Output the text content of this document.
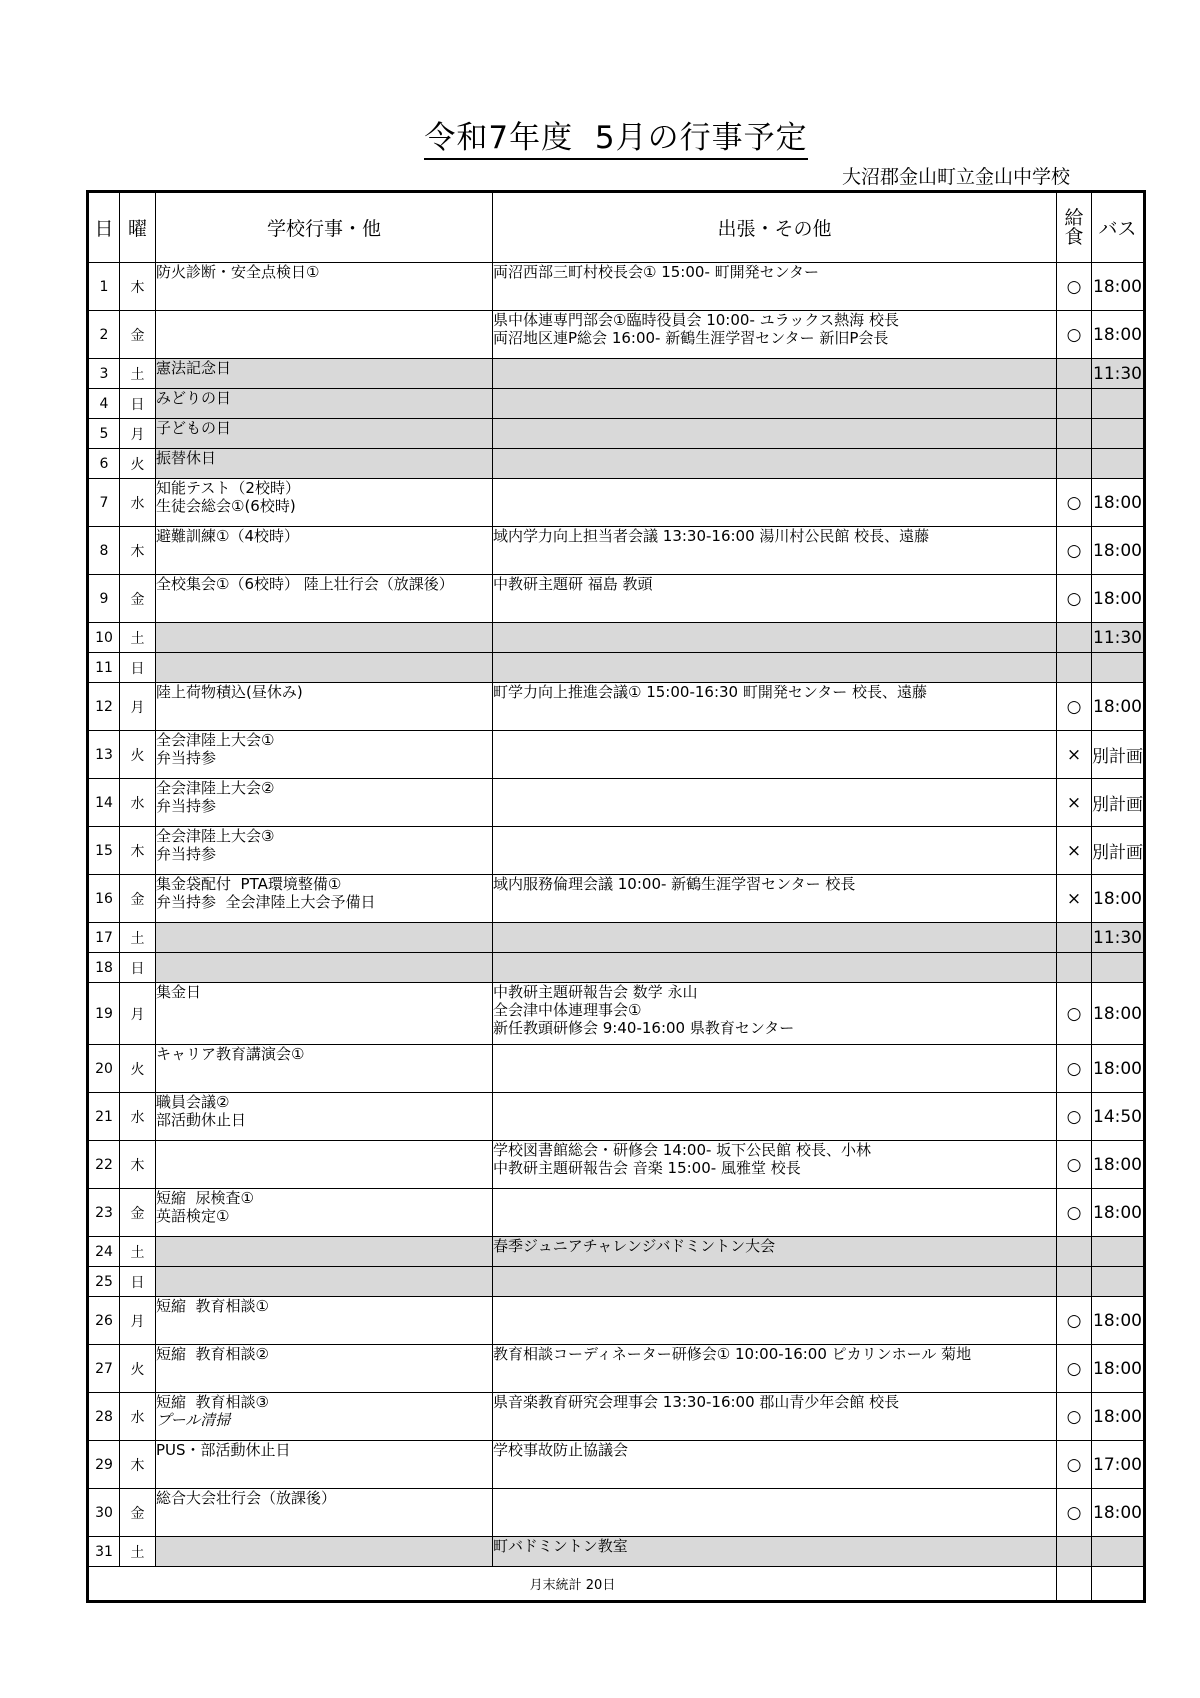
令和7年度  5月の行事予定
大沼郡金山町立金山中学校
日	曜	学校行事・他	出張・その他	給
食	バス
1	木	防火診断・安全点検日①	両沼西部三町村校長会① 15:00- 町開発センター	○	18:00
2	金		県中体連専門部会①臨時役員会 10:00- ユラックス熱海 校長
両沼地区連P総会 16:00- 新鶴生涯学習センター 新旧P会長	○	18:00
3	土	憲法記念日			11:30
4	日	みどりの日			
5	月	子どもの日			
6	火	振替休日			
7	水	知能テスト（2校時）
生徒会総会①(6校時)		○	18:00
8	木	避難訓練①（4校時）	域内学力向上担当者会議 13:30-16:00 湯川村公民館 校長、遠藤	○	18:00
9	金	全校集会①（6校時） 陸上壮行会（放課後）	中教研主題研 福島 教頭	○	18:00
10	土				11:30
11	日				
12	月	陸上荷物積込(昼休み)	町学力向上推進会議① 15:00-16:30 町開発センター 校長、遠藤	○	18:00
13	火	全会津陸上大会①
弁当持参		×	別計画
14	水	全会津陸上大会②
弁当持参		×	別計画
15	木	全会津陸上大会③
弁当持参		×	別計画
16	金	集金袋配付  PTA環境整備①
弁当持参  全会津陸上大会予備日	域内服務倫理会議 10:00- 新鶴生涯学習センター 校長	×	18:00
17	土				11:30
18	日				
19	月	集金日	中教研主題研報告会 数学 永山
全会津中体連理事会①
新任教頭研修会 9:40-16:00 県教育センター	○	18:00
20	火	キャリア教育講演会①		○	18:00
21	水	職員会議②
部活動休止日		○	14:50
22	木		学校図書館総会・研修会 14:00- 坂下公民館 校長、小林
中教研主題研報告会 音楽 15:00- 風雅堂 校長	○	18:00
23	金	短縮  尿検査①
英語検定①		○	18:00
24	土		春季ジュニアチャレンジバドミントン大会		
25	日				
26	月	短縮  教育相談①		○	18:00
27	火	短縮  教育相談②	教育相談コーディネーター研修会① 10:00-16:00 ピカリンホール 菊地	○	18:00
28	水	短縮  教育相談③
プール清掃	県音楽教育研究会理事会 13:30-16:00 郡山青少年会館 校長	○	18:00
29	木	PUS・部活動休止日	学校事故防止協議会	○	17:00
30	金	総合大会壮行会（放課後）		○	18:00
31	土		町バドミントン教室		
月末統計 20日					
